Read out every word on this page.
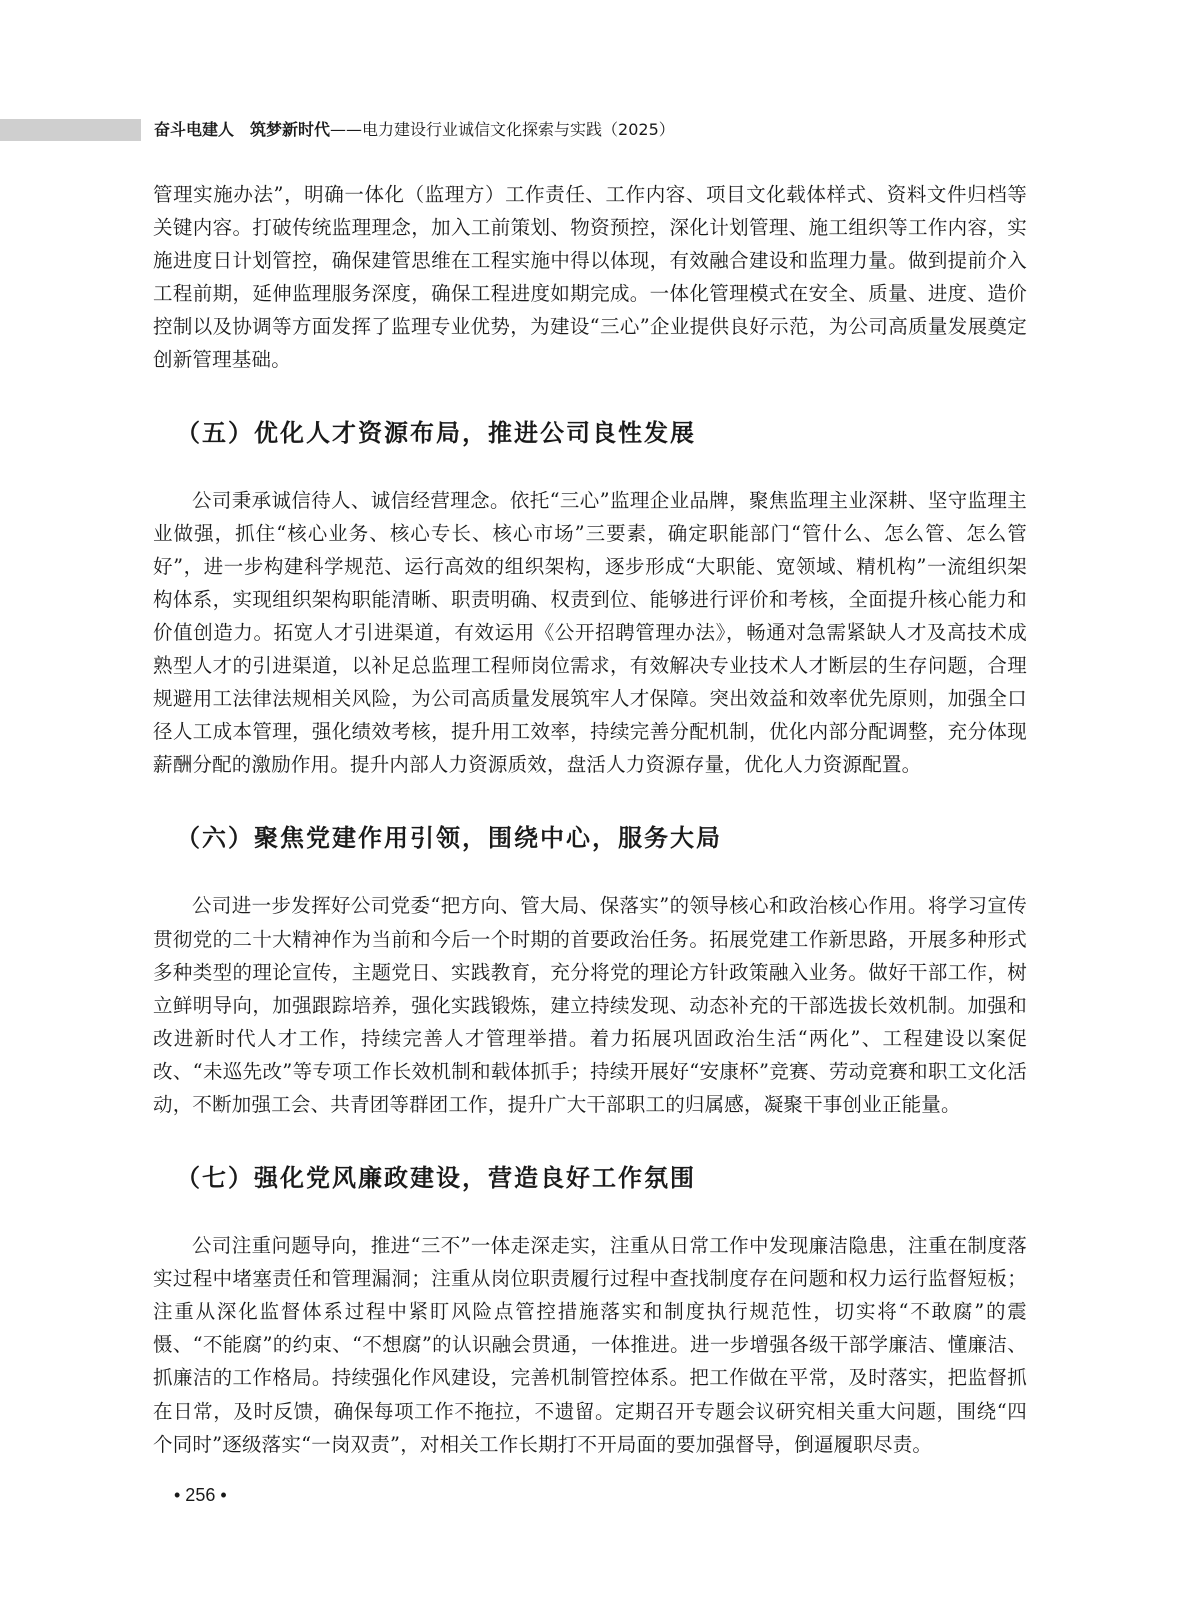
奋斗电建人 筑梦新时代——电力建设行业诚信文化探索与实践（2025）

管理实施办法”，明确一体化（监理方）工作责任、工作内容、项目文化载体样式、资料文件归档等关键内容。打破传统监理理念，加入工前策划、物资预控，深化计划管理、施工组织等工作内容，实施进度日计划管控，确保建管思维在工程实施中得以体现，有效融合建设和监理力量。做到提前介入工程前期，延伸监理服务深度，确保工程进度如期完成。一体化管理模式在安全、质量、进度、造价控制以及协调等方面发挥了监理专业优势，为建设“三心”企业提供良好示范，为公司高质量发展奠定创新管理基础。

（五）优化人才资源布局，推进公司良性发展

公司秉承诚信待人、诚信经营理念。依托“三心”监理企业品牌，聚焦监理主业深耕、坚守监理主业做强，抓住“核心业务、核心专长、核心市场”三要素，确定职能部门“管什么、怎么管、怎么管好”，进一步构建科学规范、运行高效的组织架构，逐步形成“大职能、宽领域、精机构”一流组织架构体系，实现组织架构职能清晰、职责明确、权责到位、能够进行评价和考核，全面提升核心能力和价值创造力。拓宽人才引进渠道，有效运用《公开招聘管理办法》，畅通对急需紧缺人才及高技术成熟型人才的引进渠道，以补足总监理工程师岗位需求，有效解决专业技术人才断层的生存问题，合理规避用工法律法规相关风险，为公司高质量发展筑牢人才保障。突出效益和效率优先原则，加强全口径人工成本管理，强化绩效考核，提升用工效率，持续完善分配机制，优化内部分配调整，充分体现薪酬分配的激励作用。提升内部人力资源质效，盘活人力资源存量，优化人力资源配置。

（六）聚焦党建作用引领，围绕中心，服务大局

公司进一步发挥好公司党委“把方向、管大局、保落实”的领导核心和政治核心作用。将学习宣传贯彻党的二十大精神作为当前和今后一个时期的首要政治任务。拓展党建工作新思路，开展多种形式多种类型的理论宣传，主题党日、实践教育，充分将党的理论方针政策融入业务。做好干部工作，树立鲜明导向，加强跟踪培养，强化实践锻炼，建立持续发现、动态补充的干部选拔长效机制。加强和改进新时代人才工作，持续完善人才管理举措。着力拓展巩固政治生活“两化”、工程建设以案促改、“未巡先改”等专项工作长效机制和载体抓手；持续开展好“安康杯”竞赛、劳动竞赛和职工文化活动，不断加强工会、共青团等群团工作，提升广大干部职工的归属感，凝聚干事创业正能量。

（七）强化党风廉政建设，营造良好工作氛围

公司注重问题导向，推进“三不”一体走深走实，注重从日常工作中发现廉洁隐患，注重在制度落实过程中堵塞责任和管理漏洞；注重从岗位职责履行过程中查找制度存在问题和权力运行监督短板；注重从深化监督体系过程中紧盯风险点管控措施落实和制度执行规范性，切实将“不敢腐”的震慑、“不能腐”的约束、“不想腐”的认识融会贯通，一体推进。进一步增强各级干部学廉洁、懂廉洁、抓廉洁的工作格局。持续强化作风建设，完善机制管控体系。把工作做在平常，及时落实，把监督抓在日常，及时反馈，确保每项工作不拖拉，不遗留。定期召开专题会议研究相关重大问题，围绕“四个同时”逐级落实“一岗双责”，对相关工作长期打不开局面的要加强督导，倒逼履职尽责。

• 256 •
